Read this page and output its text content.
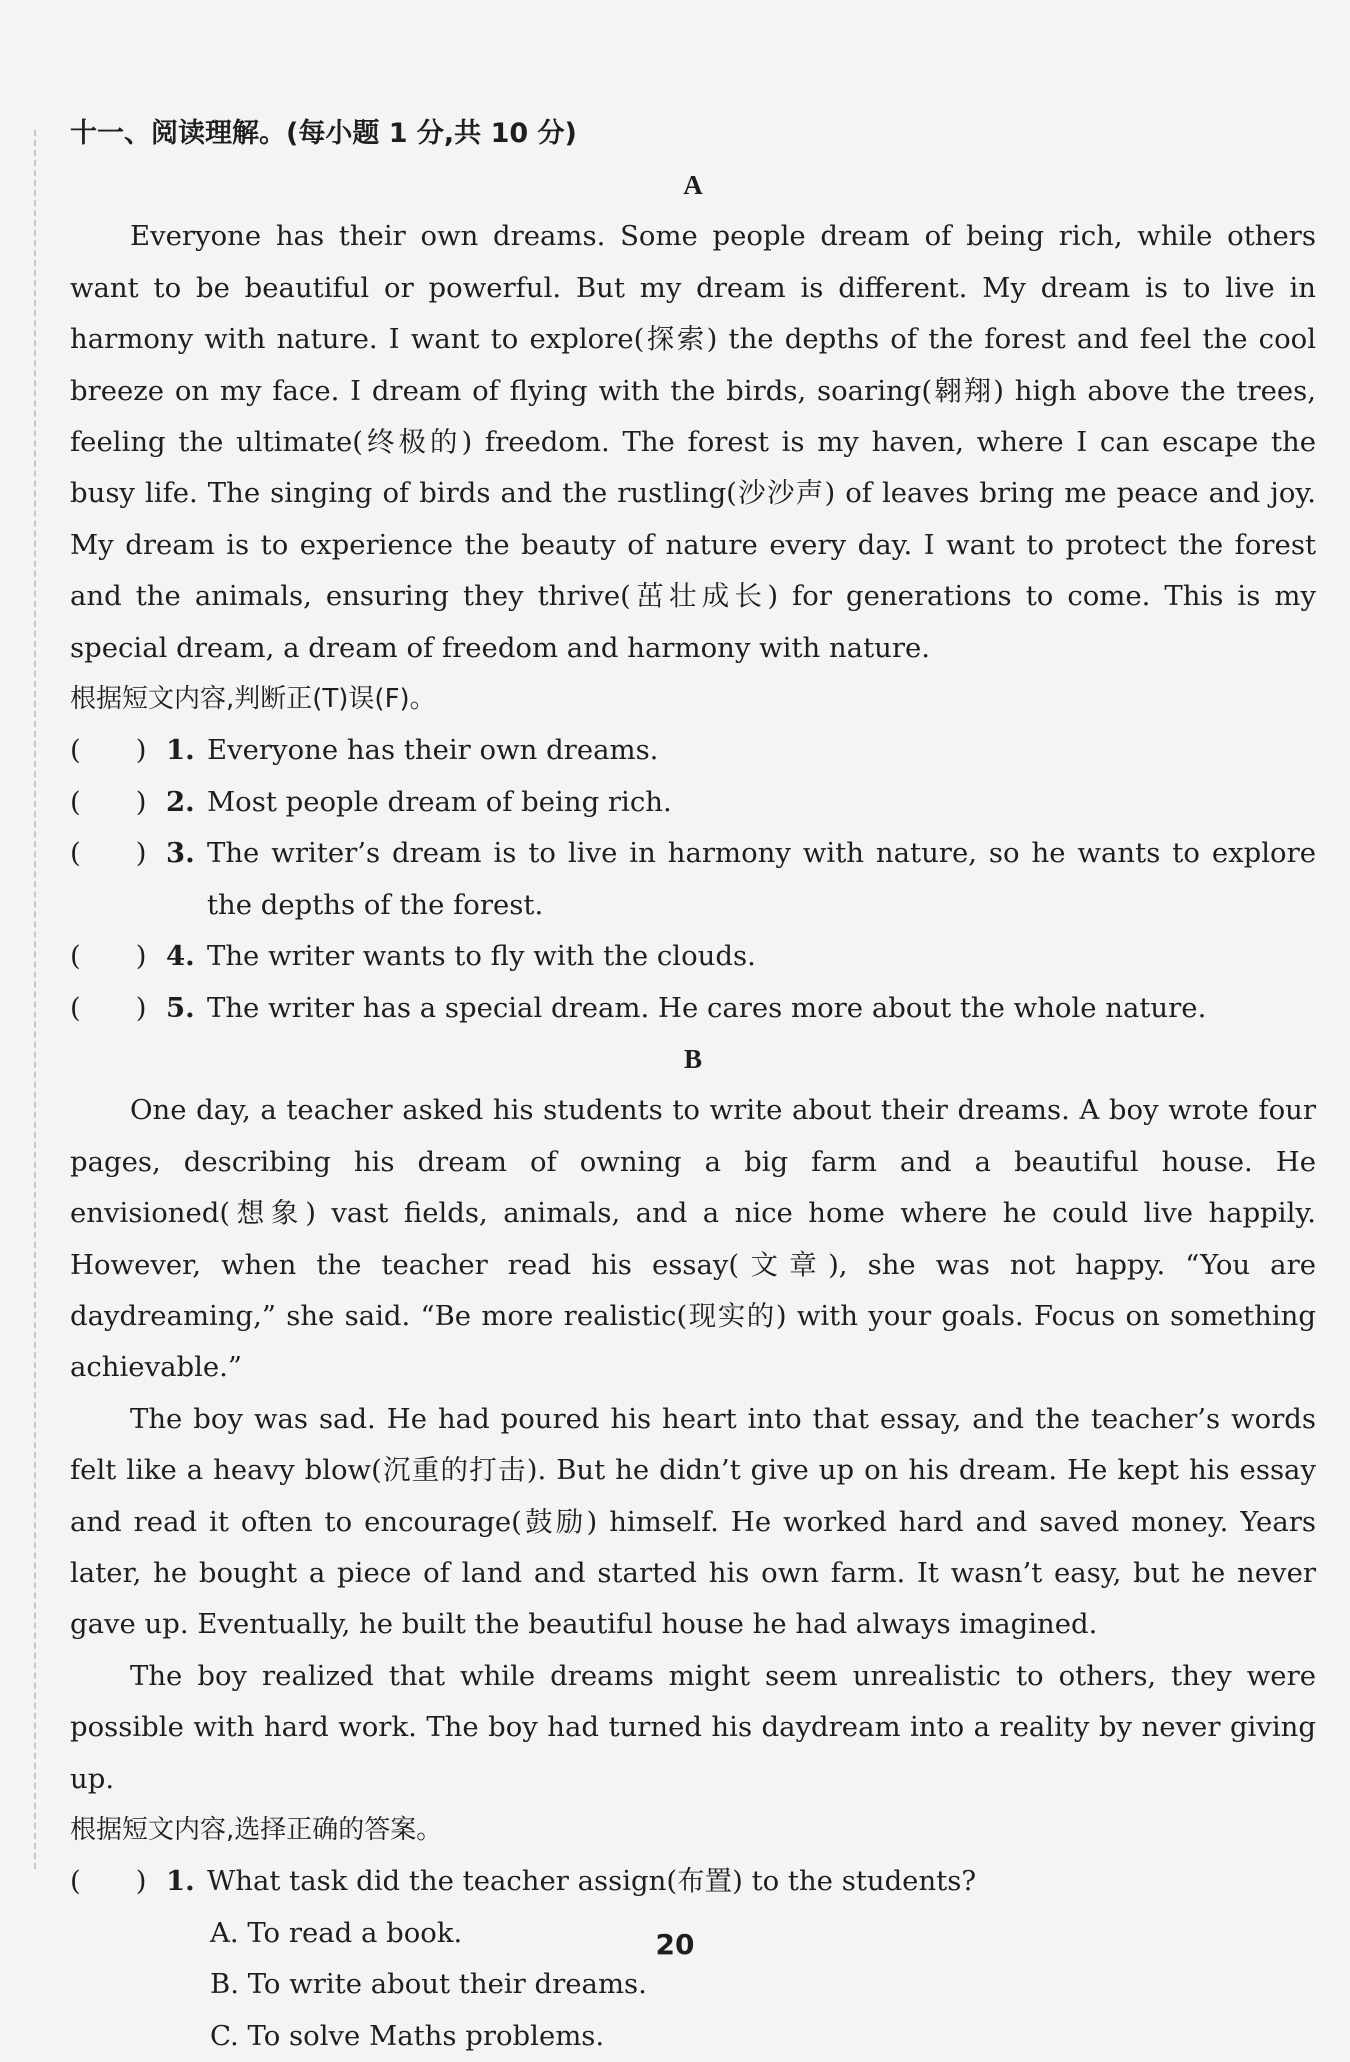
十一、阅读理解。(每小题 1 分,共 10 分)

A

Everyone has their own dreams. Some people dream of being rich, while others want to be beautiful or powerful. But my dream is different. My dream is to live in harmony with nature. I want to explore(探索) the depths of the forest and feel the cool breeze on my face. I dream of flying with the birds, soaring(翱翔) high above the trees, feeling the ultimate(终极的) freedom. The forest is my haven, where I can escape the busy life. The singing of birds and the rustling(沙沙声) of leaves bring me peace and joy. My dream is to experience the beauty of nature every day. I want to protect the forest and the animals, ensuring they thrive(茁壮成长) for generations to come. This is my special dream, a dream of freedom and harmony with nature.

根据短文内容,判断正(T)误(F)。

(　　) 1. Everyone has their own dreams.

(　　) 2. Most people dream of being rich.

(　　) 3. The writer’s dream is to live in harmony with nature, so he wants to explore the depths of the forest.

(　　) 4. The writer wants to fly with the clouds.

(　　) 5. The writer has a special dream. He cares more about the whole nature.

B

One day, a teacher asked his students to write about their dreams. A boy wrote four pages, describing his dream of owning a big farm and a beautiful house. He envisioned(想象) vast fields, animals, and a nice home where he could live happily. However, when the teacher read his essay(文章), she was not happy. “You are daydreaming,” she said. “Be more realistic(现实的) with your goals. Focus on something achievable.”

The boy was sad. He had poured his heart into that essay, and the teacher’s words felt like a heavy blow(沉重的打击). But he didn’t give up on his dream. He kept his essay and read it often to encourage(鼓励) himself. He worked hard and saved money. Years later, he bought a piece of land and started his own farm. It wasn’t easy, but he never gave up. Eventually, he built the beautiful house he had always imagined.

The boy realized that while dreams might seem unrealistic to others, they were possible with hard work. The boy had turned his daydream into a reality by never giving up.

根据短文内容,选择正确的答案。

(　　) 1. What task did the teacher assign(布置) to the students?

A. To read a book.

B. To write about their dreams.

C. To solve Maths problems.

20
